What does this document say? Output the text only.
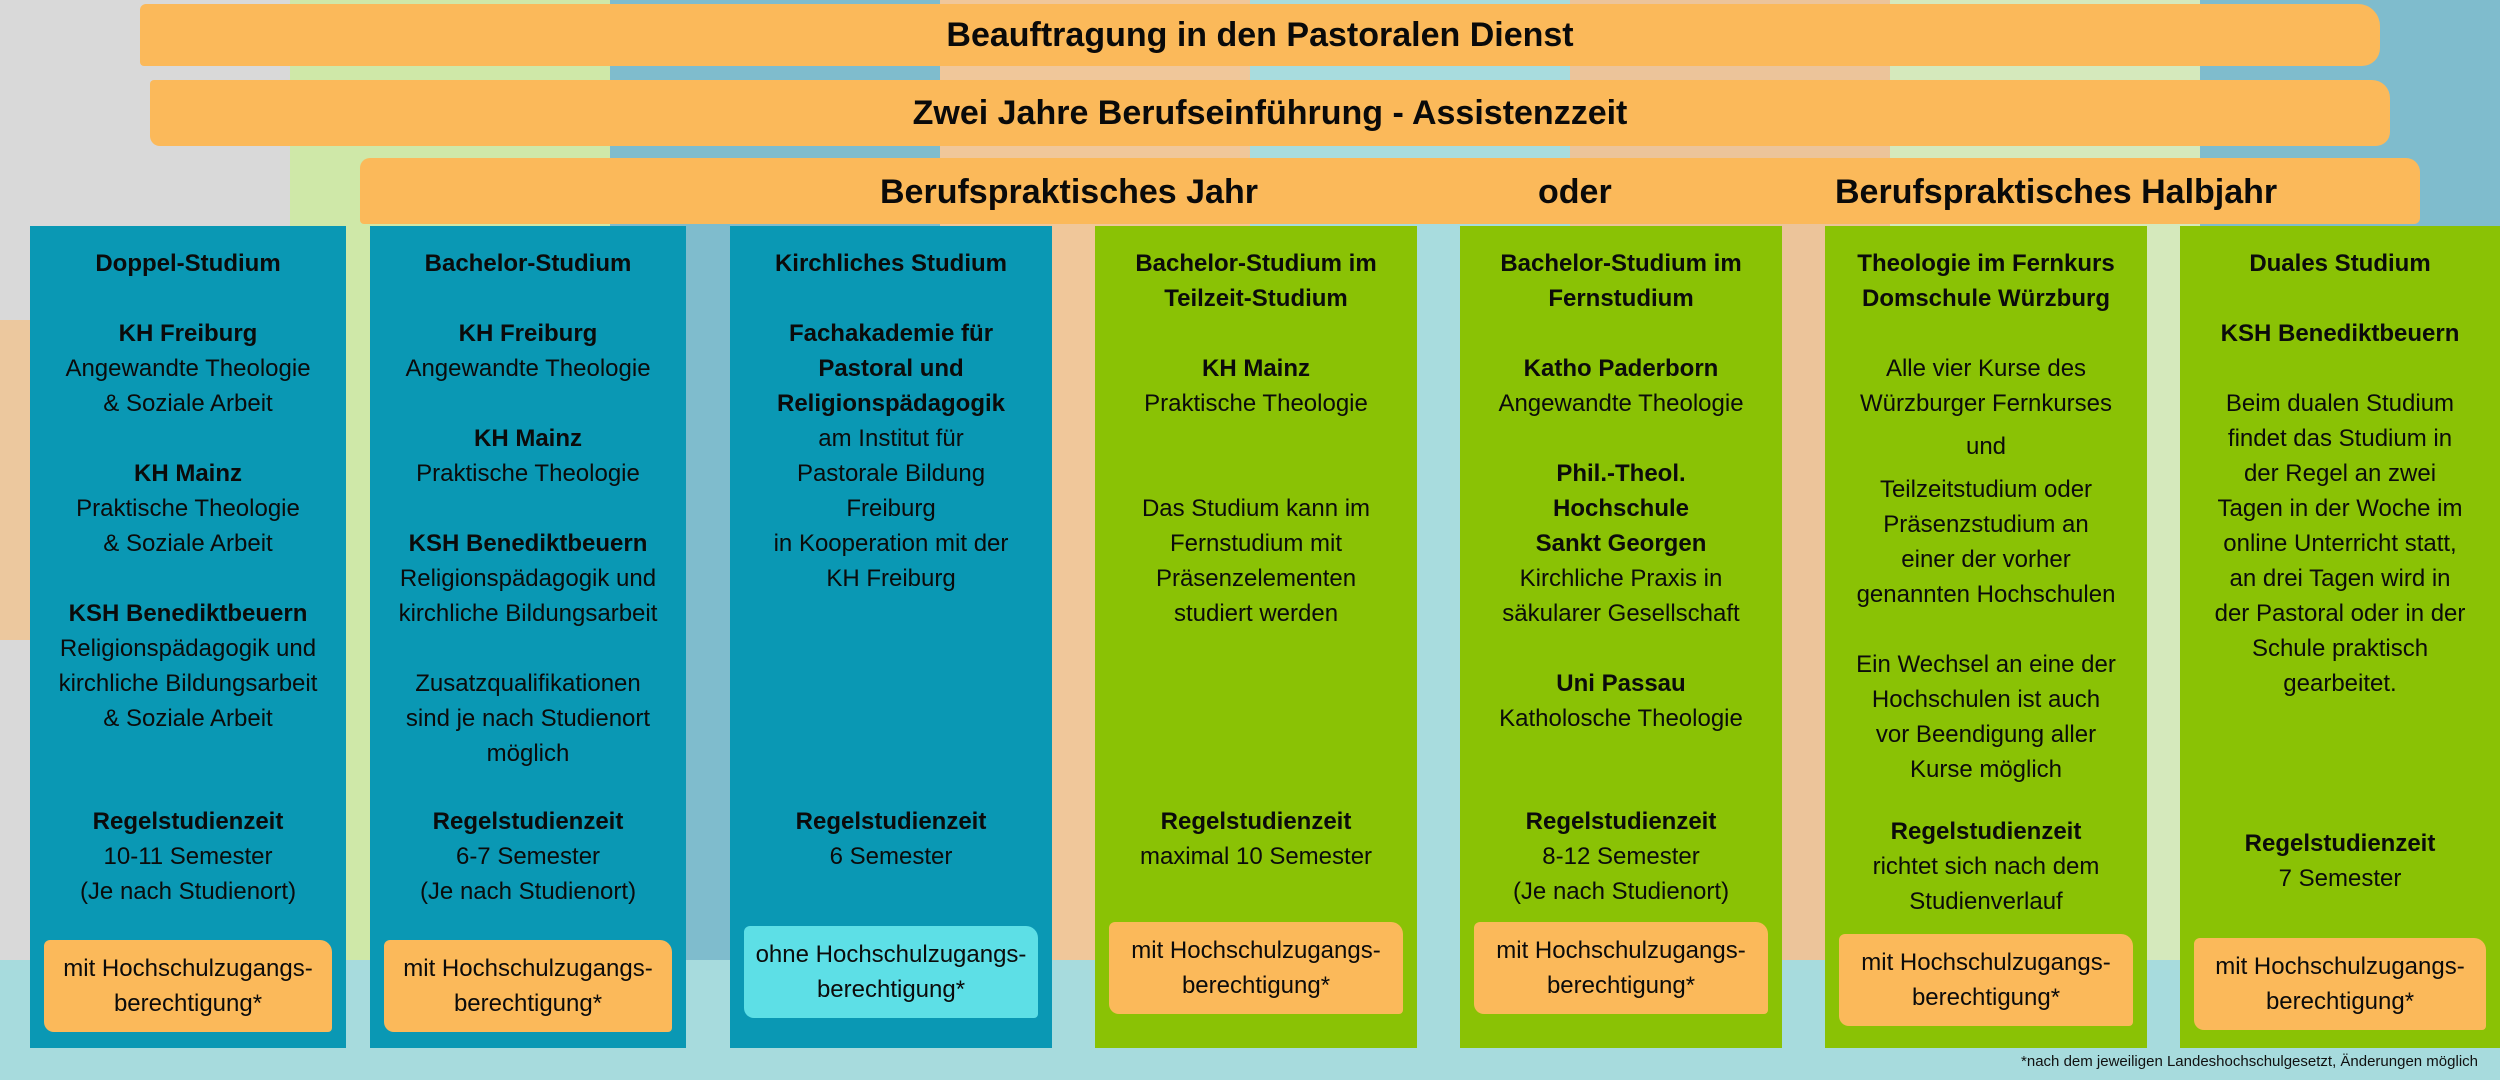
Beauftragung in den Pastoralen Dienst
Zwei Jahre Berufseinführung - Assistenzzeit
Berufspraktisches Jahr	oder	Berufspraktisches Halbjahr
Doppel-Studium
KH Freiburg
Angewandte Theologie
& Soziale Arbeit
KH Mainz
Praktische Theologie
& Soziale Arbeit
KSH Benediktbeuern
Religionspädagogik und
kirchliche Bildungsarbeit
& Soziale Arbeit
Regelstudienzeit
10-11 Semester
(Je nach Studienort)
mit Hochschulzugangs-
berechtigung*
Bachelor-Studium
KH Freiburg
Angewandte Theologie
KH Mainz
Praktische Theologie
KSH Benediktbeuern
Religionspädagogik und
kirchliche Bildungsarbeit
Zusatzqualifikationen
sind je nach Studienort
möglich
Regelstudienzeit
6-7 Semester
(Je nach Studienort)
mit Hochschulzugangs-
berechtigung*
Kirchliches Studium
Fachakademie für
Pastoral und
Religionspädagogik
am Institut für
Pastorale Bildung
Freiburg
in Kooperation mit der
KH Freiburg
Regelstudienzeit
6 Semester
ohne Hochschulzugangs-
berechtigung*
Bachelor-Studium im
Teilzeit-Studium
KH Mainz
Praktische Theologie
Das Studium kann im
Fernstudium mit
Präsenzelementen
studiert werden
Regelstudienzeit
maximal 10 Semester
mit Hochschulzugangs-
berechtigung*
Bachelor-Studium im
Fernstudium
Katho Paderborn
Angewandte Theologie
Phil.-Theol.
Hochschule
Sankt Georgen
Kirchliche Praxis in
säkularer Gesellschaft
Uni Passau
Katholosche Theologie
Regelstudienzeit
8-12 Semester
(Je nach Studienort)
mit Hochschulzugangs-
berechtigung*
Theologie im Fernkurs
Domschule Würzburg
Alle vier Kurse des
Würzburger Fernkurses
und
Teilzeitstudium oder
Präsenzstudium an
einer der vorher
genannten Hochschulen
Ein Wechsel an eine der
Hochschulen ist auch
vor Beendigung aller
Kurse möglich
Regelstudienzeit
richtet sich nach dem
Studienverlauf
mit Hochschulzugangs-
berechtigung*
Duales Studium
KSH Benediktbeuern
Beim dualen Studium
findet das Studium in
der Regel an zwei
Tagen in der Woche im
online Unterricht statt,
an drei Tagen wird in
der Pastoral oder in der
Schule praktisch
gearbeitet.
Regelstudienzeit
7 Semester
mit Hochschulzugangs-
berechtigung*
*nach dem jeweiligen Landeshochschulgesetzt, Änderungen möglich
